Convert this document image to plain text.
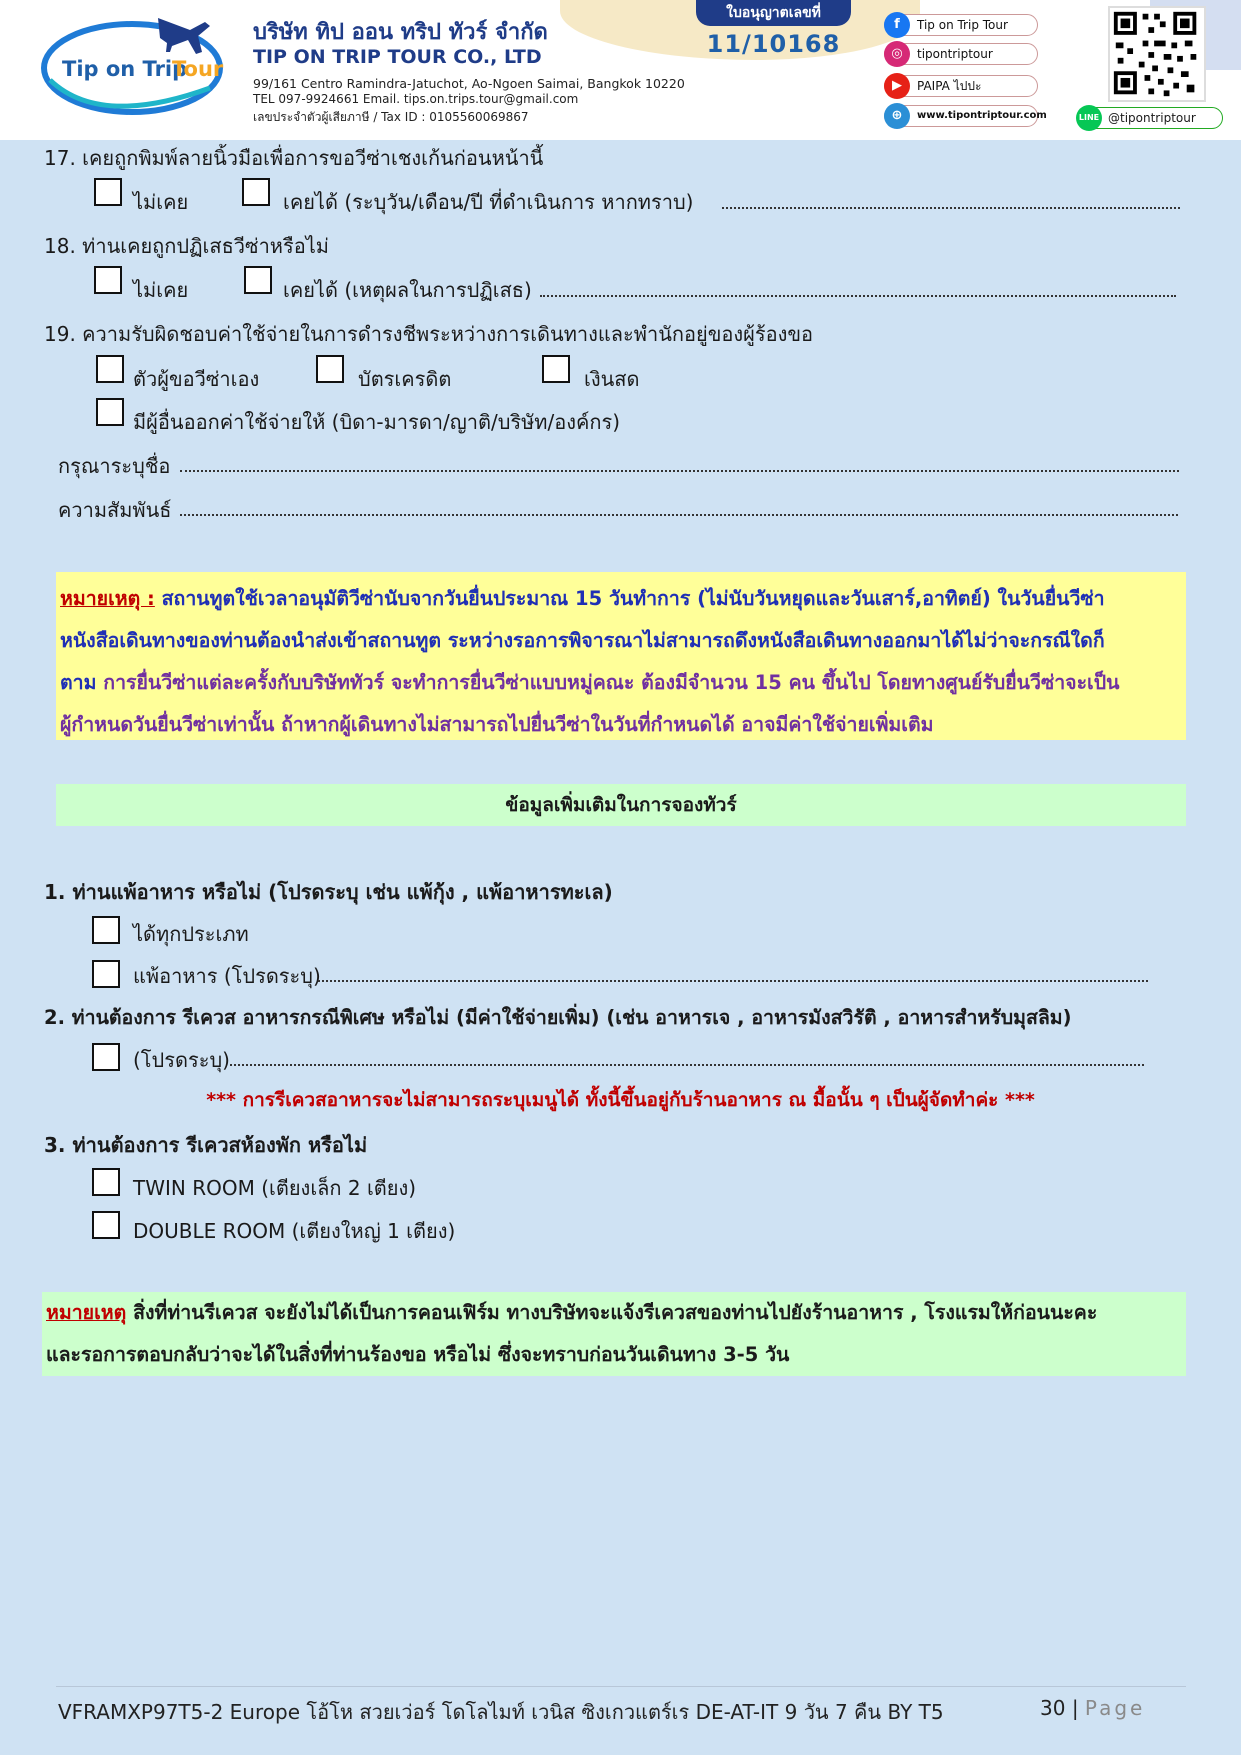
Tip on Trip
Tour
บริษัท ทิป ออน ทริป ทัวร์ จำกัด
TIP ON TRIP TOUR CO., LTD
99/161 Centro Ramindra-Jatuchot, Ao-Ngoen Saimai, Bangkok 10220
TEL 097-9924661 Email. tips.on.trips.tour@gmail.com
เลขประจำตัวผู้เสียภาษี / Tax ID : 0105560069867
ใบอนุญาตเลขที่
11/10168
f	Tip on Trip Tour
◎	tipontriptour
▶	PAIPA ไปปะ
⊕	www.tipontriptour.com	LINE @tipontriptour
17. เคยถูกพิมพ์ลายนิ้วมือเพื่อการขอวีซ่าเชงเก้นก่อนหน้านี้
ไม่เคย	เคยได้ (ระบุวัน/เดือน/ปี ที่ดำเนินการ หากทราบ)
18. ท่านเคยถูกปฏิเสธวีซ่าหรือไม่
ไม่เคย	เคยได้ (เหตุผลในการปฏิเสธ)
19. ความรับผิดชอบค่าใช้จ่ายในการดำรงชีพระหว่างการเดินทางและพำนักอยู่ของผู้ร้องขอ
ตัวผู้ขอวีซ่าเอง	บัตรเครดิต	เงินสด
มีผู้อื่นออกค่าใช้จ่ายให้ (บิดา-มารดา/ญาติ/บริษัท/องค์กร)
กรุณาระบุชื่อ
ความสัมพันธ์
หมายเหตุ : สถานทูตใช้เวลาอนุมัติวีซ่านับจากวันยื่นประมาณ 15 วันทำการ (ไม่นับวันหยุดและวันเสาร์,อาทิตย์) ในวันยื่นวีซ่า
หนังสือเดินทางของท่านต้องนำส่งเข้าสถานทูต ระหว่างรอการพิจารณาไม่สามารถดึงหนังสือเดินทางออกมาได้ไม่ว่าจะกรณีใดก็
ตาม การยื่นวีซ่าแต่ละครั้งกับบริษัททัวร์ จะทำการยื่นวีซ่าแบบหมู่คณะ ต้องมีจำนวน 15 คน ขึ้นไป โดยทางศูนย์รับยื่นวีซ่าจะเป็น
ผู้กำหนดวันยื่นวีซ่าเท่านั้น ถ้าหากผู้เดินทางไม่สามารถไปยื่นวีซ่าในวันที่กำหนดได้ อาจมีค่าใช้จ่ายเพิ่มเติม
ข้อมูลเพิ่มเติมในการจองทัวร์
1. ท่านแพ้อาหาร หรือไม่ (โปรดระบุ เช่น แพ้กุ้ง , แพ้อาหารทะเล)
ได้ทุกประเภท
แพ้อาหาร (โปรดระบุ)
2. ท่านต้องการ รีเควส อาหารกรณีพิเศษ หรือไม่ (มีค่าใช้จ่ายเพิ่ม) (เช่น อาหารเจ , อาหารมังสวิรัติ , อาหารสำหรับมุสลิม)
(โปรดระบุ)
*** การรีเควสอาหารจะไม่สามารถระบุเมนูได้ ทั้งนี้ขึ้นอยู่กับร้านอาหาร ณ มื้อนั้น ๆ เป็นผู้จัดทำค่ะ ***
3. ท่านต้องการ รีเควสห้องพัก หรือไม่
TWIN ROOM (เตียงเล็ก 2 เตียง)
DOUBLE ROOM (เตียงใหญ่ 1 เตียง)
หมายเหตุ สิ่งที่ท่านรีเควส จะยังไม่ได้เป็นการคอนเฟิร์ม ทางบริษัทจะแจ้งรีเควสของท่านไปยังร้านอาหาร , โรงแรมให้ก่อนนะคะ
และรอการตอบกลับว่าจะได้ในสิ่งที่ท่านร้องขอ หรือไม่ ซึ่งจะทราบก่อนวันเดินทาง 3-5 วัน
VFRAMXP97T5-2 Europe โอ้โห สวยเว่อร์ โดโลไมท์ เวนิส ซิงเกวแตร์เร DE-AT-IT 9 วัน 7 คืน BY T5	30 | Page
